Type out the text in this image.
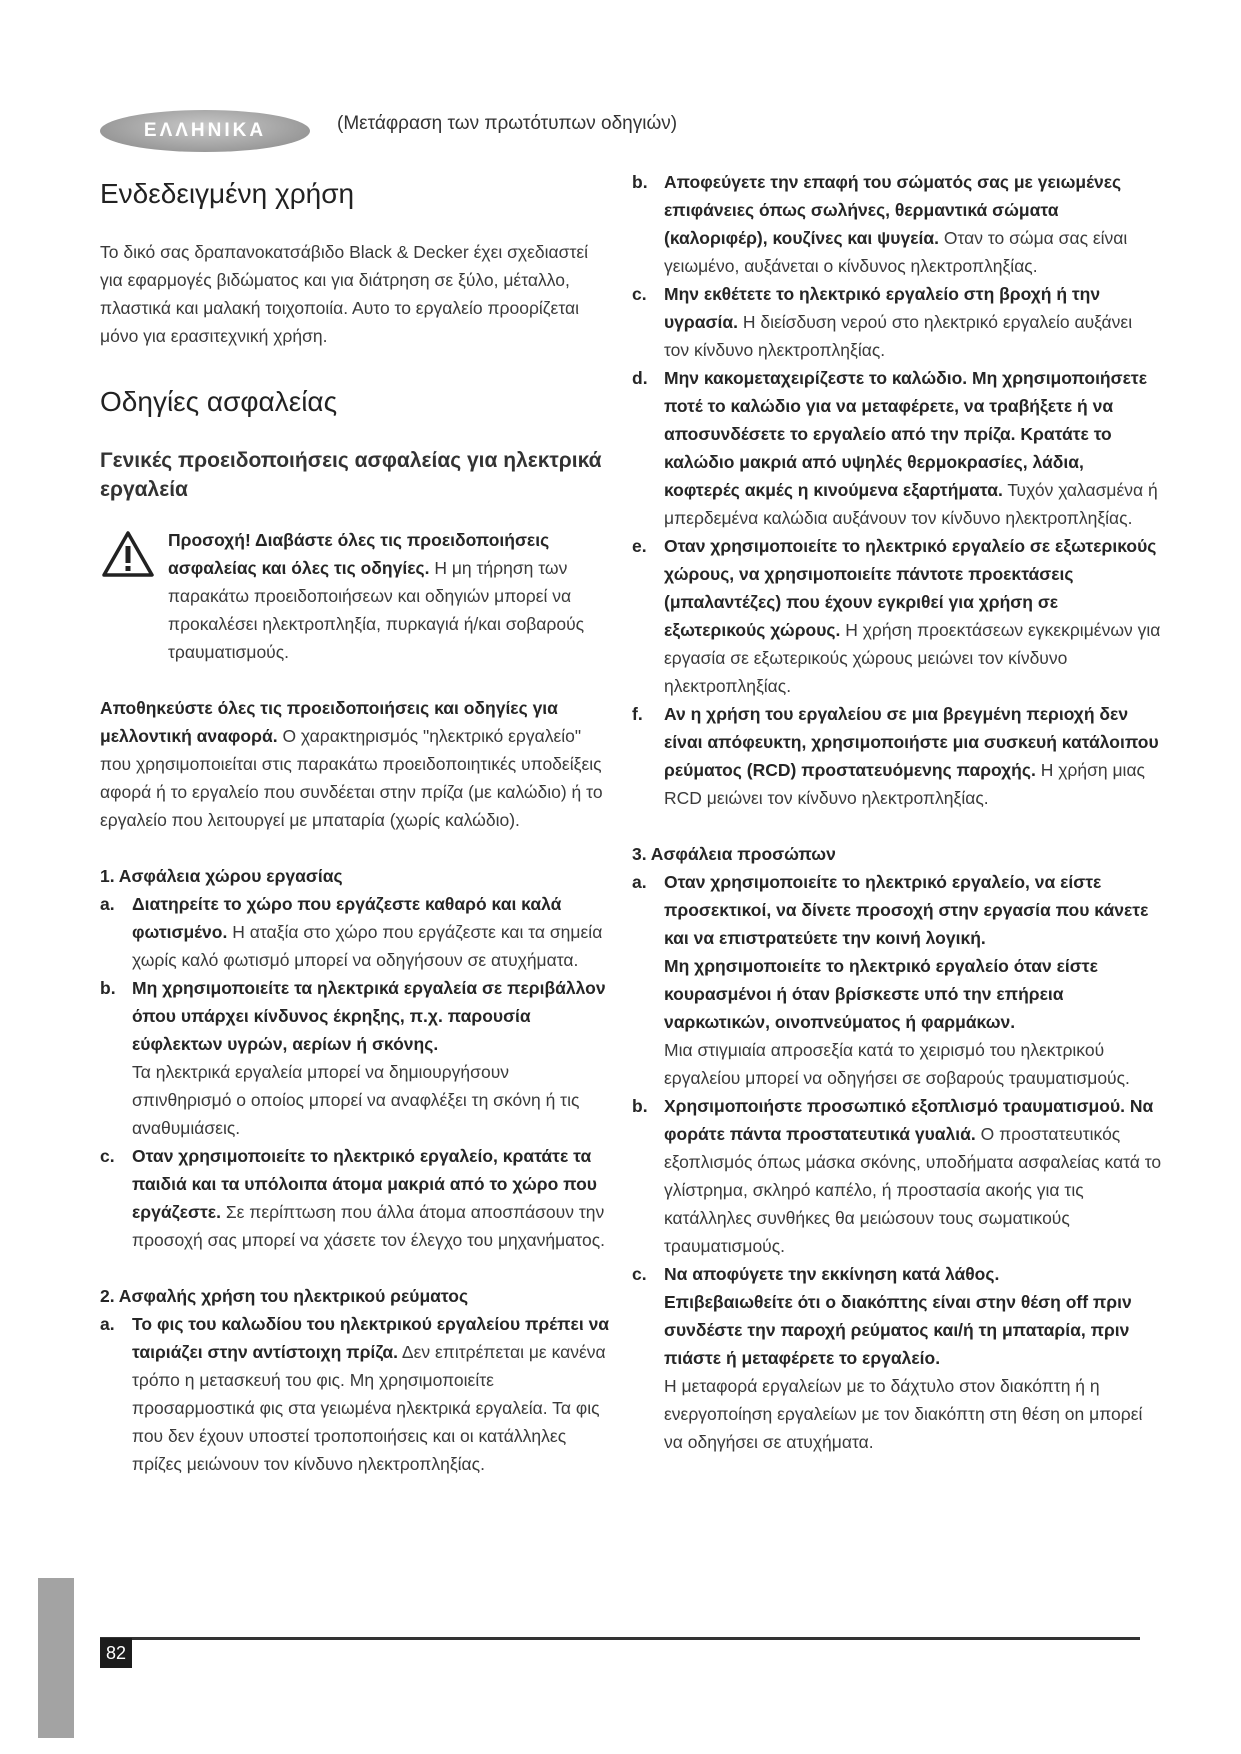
ΕΛΛΗΝΙΚΑ	(Μετάφραση των πρωτότυπων οδηγιών)
Ενδεδειγμένη χρήση

Το δικό σας δραπανοκατσάβιδο Black & Decker έχει σχεδιαστεί για εφαρμογές βιδώματος και για διάτρηση σε ξύλο, μέταλλο, πλαστικά και μαλακή τοιχοποιία. Αυτο το εργαλείο προορίζεται μόνο για ερασιτεχνική χρήση.

Οδηγίες ασφαλείας
Γενικές προειδοποιήσεις ασφαλείας για ηλεκτρικά εργαλεία

Προσοχή! Διαβάστε όλες τις προειδοποιήσεις ασφαλείας και όλες τις οδηγίες. Η μη τήρηση των παρακάτω προειδοποιήσεων και οδηγιών μπορεί να προκαλέσει ηλεκτροπληξία, πυρκαγιά ή/και σοβαρούς τραυματισμούς.

Αποθηκεύστε όλες τις προειδοποιήσεις και οδηγίες για μελλοντική αναφορά. Ο χαρακτηρισμός "ηλεκτρικό εργαλείο" που χρησιμοποιείται στις παρακάτω προειδοποιητικές υποδείξεις αφορά ή το εργαλείο που συνδέεται στην πρίζα (με καλώδιο) ή το εργαλείο που λειτουργεί με μπαταρία (χωρίς καλώδιο).

1. Ασφάλεια χώρου εργασίας

a. Διατηρείτε το χώρο που εργάζεστε καθαρό και καλά φωτισμένο. Η αταξία στο χώρο που εργάζεστε και τα σημεία χωρίς καλό φωτισμό μπορεί να οδηγήσουν σε ατυχήματα.

b. Μη χρησιμοποιείτε τα ηλεκτρικά εργαλεία σε περιβάλλον όπου υπάρχει κίνδυνος έκρηξης, π.χ. παρουσία εύφλεκτων υγρών, αερίων ή σκόνης.

Τα ηλεκτρικά εργαλεία μπορεί να δημιουργήσουν σπινθηρισμό ο οποίος μπορεί να αναφλέξει τη σκόνη ή τις αναθυμιάσεις.

c. Οταν χρησιμοποιείτε το ηλεκτρικό εργαλείο, κρατάτε τα παιδιά και τα υπόλοιπα άτομα μακριά από το χώρο που εργάζεστε. Σε περίπτωση που άλλα άτομα αποσπάσουν την προσοχή σας μπορεί να χάσετε τον έλεγχο του μηχανήματος.

2. Ασφαλής χρήση του ηλεκτρικού ρεύματος

a. Το φις του καλωδίου του ηλεκτρικού εργαλείου πρέπει να ταιριάζει στην αντίστοιχη πρίζα. Δεν επιτρέπεται με κανένα τρόπο η μετασκευή του φις. Μη χρησιμοποιείτε προσαρμοστικά φις στα γειωμένα ηλεκτρικά εργαλεία. Τα φις που δεν έχουν υποστεί τροποποιήσεις και οι κατάλληλες πρίζες μειώνουν τον κίνδυνο ηλεκτροπληξίας.

b. Αποφεύγετε την επαφή του σώματός σας με γειωμένες επιφάνειες όπως σωλήνες, θερμαντικά σώματα (καλοριφέρ), κουζίνες και ψυγεία. Οταν το σώμα σας είναι γειωμένο, αυξάνεται ο κίνδυνος ηλεκτροπληξίας.

c. Μην εκθέτετε το ηλεκτρικό εργαλείο στη βροχή ή την υγρασία. Η διείσδυση νερού στο ηλεκτρικό εργαλείο αυξάνει τον κίνδυνο ηλεκτροπληξίας.

d. Μην κακομεταχειρίζεστε το καλώδιο. Μη χρησιμοποιήσετε ποτέ το καλώδιο για να μεταφέρετε, να τραβήξετε ή να αποσυνδέσετε το εργαλείο από την πρίζα. Κρατάτε το καλώδιο μακριά από υψηλές θερμοκρασίες, λάδια, κοφτερές ακμές η κινούμενα εξαρτήματα. Τυχόν χαλασμένα ή μπερδεμένα καλώδια αυξάνουν τον κίνδυνο ηλεκτροπληξίας.

e. Οταν χρησιμοποιείτε το ηλεκτρικό εργαλείο σε εξωτερικούς χώρους, να χρησιμοποιείτε πάντοτε προεκτάσεις (μπαλαντέζες) που έχουν εγκριθεί για χρήση σε εξωτερικούς χώρους. Η χρήση προεκτάσεων εγκεκριμένων για εργασία σε εξωτερικούς χώρους μειώνει τον κίνδυνο ηλεκτροπληξίας.

f. Αν η χρήση του εργαλείου σε μια βρεγμένη περιοχή δεν είναι απόφευκτη, χρησιμοποιήστε μια συσκευή κατάλοιπου ρεύματος (RCD) προστατευόμενης παροχής. Η χρήση μιας RCD μειώνει τον κίνδυνο ηλεκτροπληξίας.

3. Ασφάλεια προσώπων

a. Οταν χρησιμοποιείτε το ηλεκτρικό εργαλείο, να είστε προσεκτικοί, να δίνετε προσοχή στην εργασία που κάνετε και να επιστρατεύετε την κοινή λογική.

Μη χρησιμοποιείτε το ηλεκτρικό εργαλείο όταν είστε κουρασμένοι ή όταν βρίσκεστε υπό την επήρεια ναρκωτικών, οινοπνεύματος ή φαρμάκων.

Μια στιγμιαία απροσεξία κατά το χειρισμό του ηλεκτρικού εργαλείου μπορεί να οδηγήσει σε σοβαρούς τραυματισμούς.

b. Χρησιμοποιήστε προσωπικό εξοπλισμό τραυματισμού. Να φοράτε πάντα προστατευτικά γυαλιά. Ο προστατευτικός εξοπλισμός όπως μάσκα σκόνης, υποδήματα ασφαλείας κατά το γλίστρημα, σκληρό καπέλο, ή προστασία ακοής για τις κατάλληλες συνθήκες θα μειώσουν τους σωματικούς τραυματισμούς.

c. Να αποφύγετε την εκκίνηση κατά λάθος.

Επιβεβαιωθείτε ότι ο διακόπτης είναι στην θέση off πριν συνδέστε την παροχή ρεύματος και/ή τη μπαταρία, πριν πιάστε ή μεταφέρετε το εργαλείο.

Η μεταφορά εργαλείων με το δάχτυλο στον διακόπτη ή η ενεργοποίηση εργαλείων με τον διακόπτη στη θέση on μπορεί να οδηγήσει σε ατυχήματα.

82
